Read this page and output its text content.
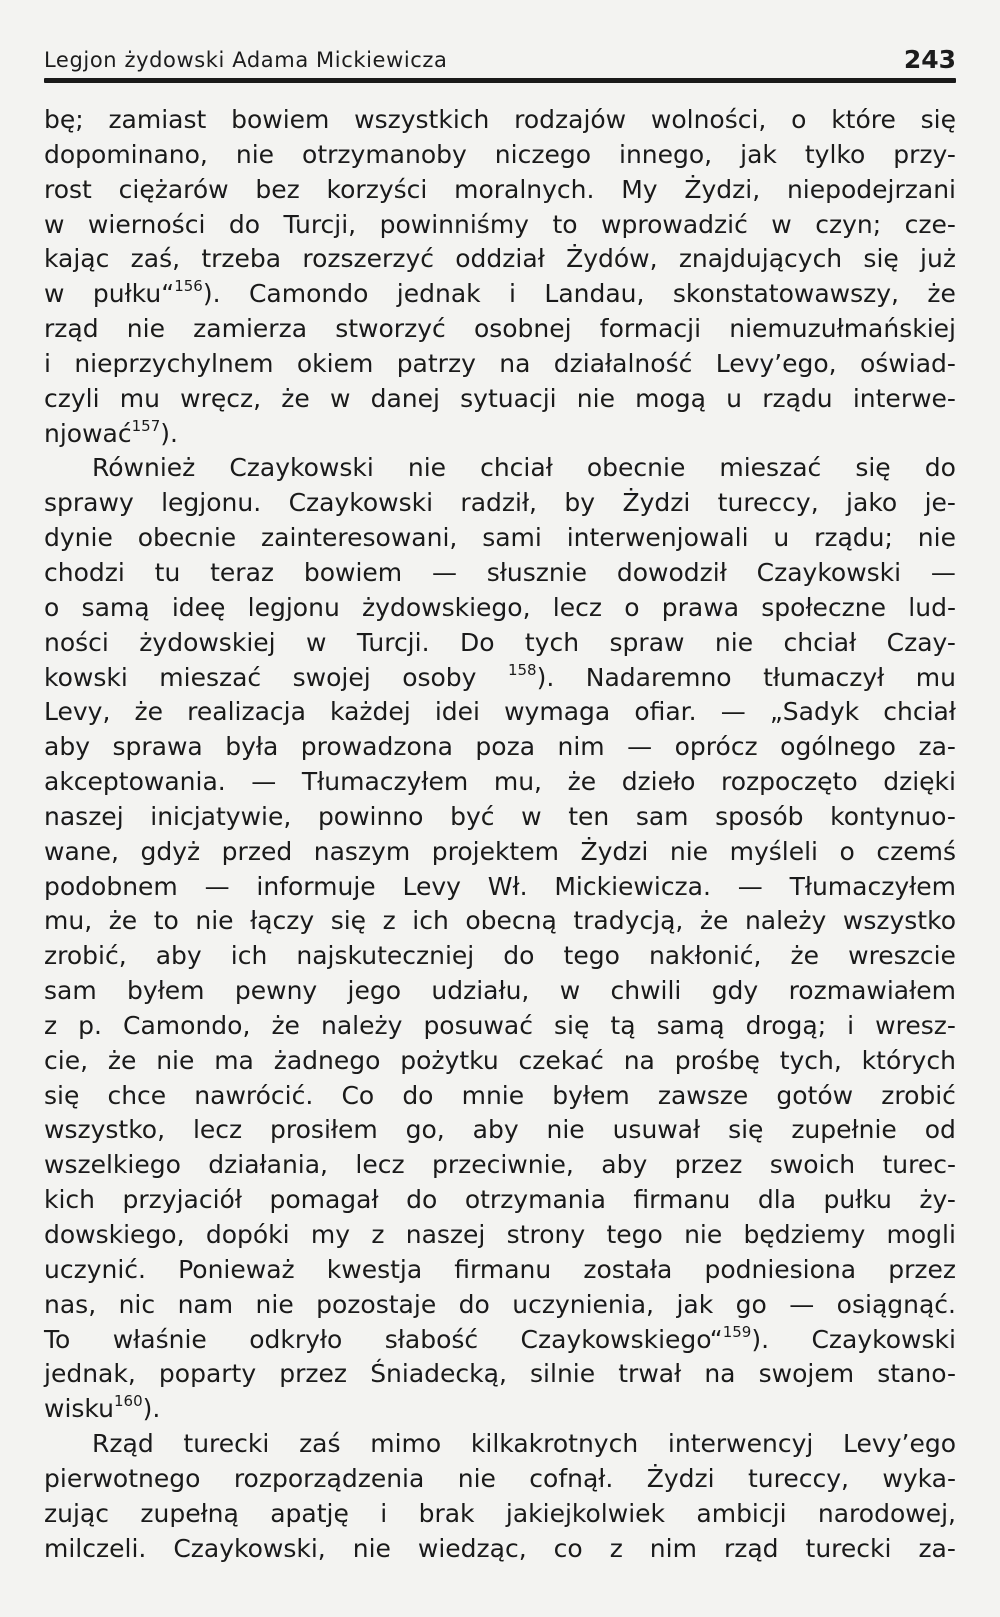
Legjon żydowski Adama Mickiewicza	243
bę; zamiast bowiem wszystkich rodzajów wolności, o które się
dopominano, nie otrzymanoby niczego innego, jak tylko przy-
rost ciężarów bez korzyści moralnych. My Żydzi, niepodejrzani
w wierności do Turcji, powinniśmy to wprowadzić w czyn; cze-
kając zaś, trzeba rozszerzyć oddział Żydów, znajdujących się już
w pułku“$^{156}$). Camondo jednak i Landau, skonstatowawszy, że
rząd nie zamierza stworzyć osobnej formacji niemuzułmańskiej
i nieprzychylnem okiem patrzy na działalność Levy’ego, oświad-
czyli mu wręcz, że w danej sytuacji nie mogą u rządu interwe-
njować$^{157}$).
Również Czaykowski nie chciał obecnie mieszać się do
sprawy legjonu. Czaykowski radził, by Żydzi tureccy, jako je-
dynie obecnie zainteresowani, sami interwenjowali u rządu; nie
chodzi tu teraz bowiem — słusznie dowodził Czaykowski —
o samą ideę legjonu żydowskiego, lecz o prawa społeczne lud-
ności żydowskiej w Turcji. Do tych spraw nie chciał Czay-
kowski mieszać swojej osoby $^{158}$). Nadaremno tłumaczył mu
Levy, że realizacja każdej idei wymaga ofiar. — „Sadyk chciał
aby sprawa była prowadzona poza nim — oprócz ogólnego za-
akceptowania. — Tłumaczyłem mu, że dzieło rozpoczęto dzięki
naszej inicjatywie, powinno być w ten sam sposób kontynuo-
wane, gdyż przed naszym projektem Żydzi nie myśleli o czemś
podobnem — informuje Levy Wł. Mickiewicza. — Tłumaczyłem
mu, że to nie łączy się z ich obecną tradycją, że należy wszystko
zrobić, aby ich najskuteczniej do tego nakłonić, że wreszcie
sam byłem pewny jego udziału, w chwili gdy rozmawiałem
z p. Camondo, że należy posuwać się tą samą drogą; i wresz-
cie, że nie ma żadnego pożytku czekać na prośbę tych, których
się chce nawrócić. Co do mnie byłem zawsze gotów zrobić
wszystko, lecz prosiłem go, aby nie usuwał się zupełnie od
wszelkiego działania, lecz przeciwnie, aby przez swoich turec-
kich przyjaciół pomagał do otrzymania firmanu dla pułku ży-
dowskiego, dopóki my z naszej strony tego nie będziemy mogli
uczynić. Ponieważ kwestja firmanu została podniesiona przez
nas, nic nam nie pozostaje do uczynienia, jak go — osiągnąć.
To właśnie odkryło słabość Czaykowskiego“$^{159}$). Czaykowski
jednak, poparty przez Śniadecką, silnie trwał na swojem stano-
wisku$^{160}$).
Rząd turecki zaś mimo kilkakrotnych interwencyj Levy’ego
pierwotnego rozporządzenia nie cofnął. Żydzi tureccy, wyka-
zując zupełną apatję i brak jakiejkolwiek ambicji narodowej,
milczeli. Czaykowski, nie wiedząc, co z nim rząd turecki za-
